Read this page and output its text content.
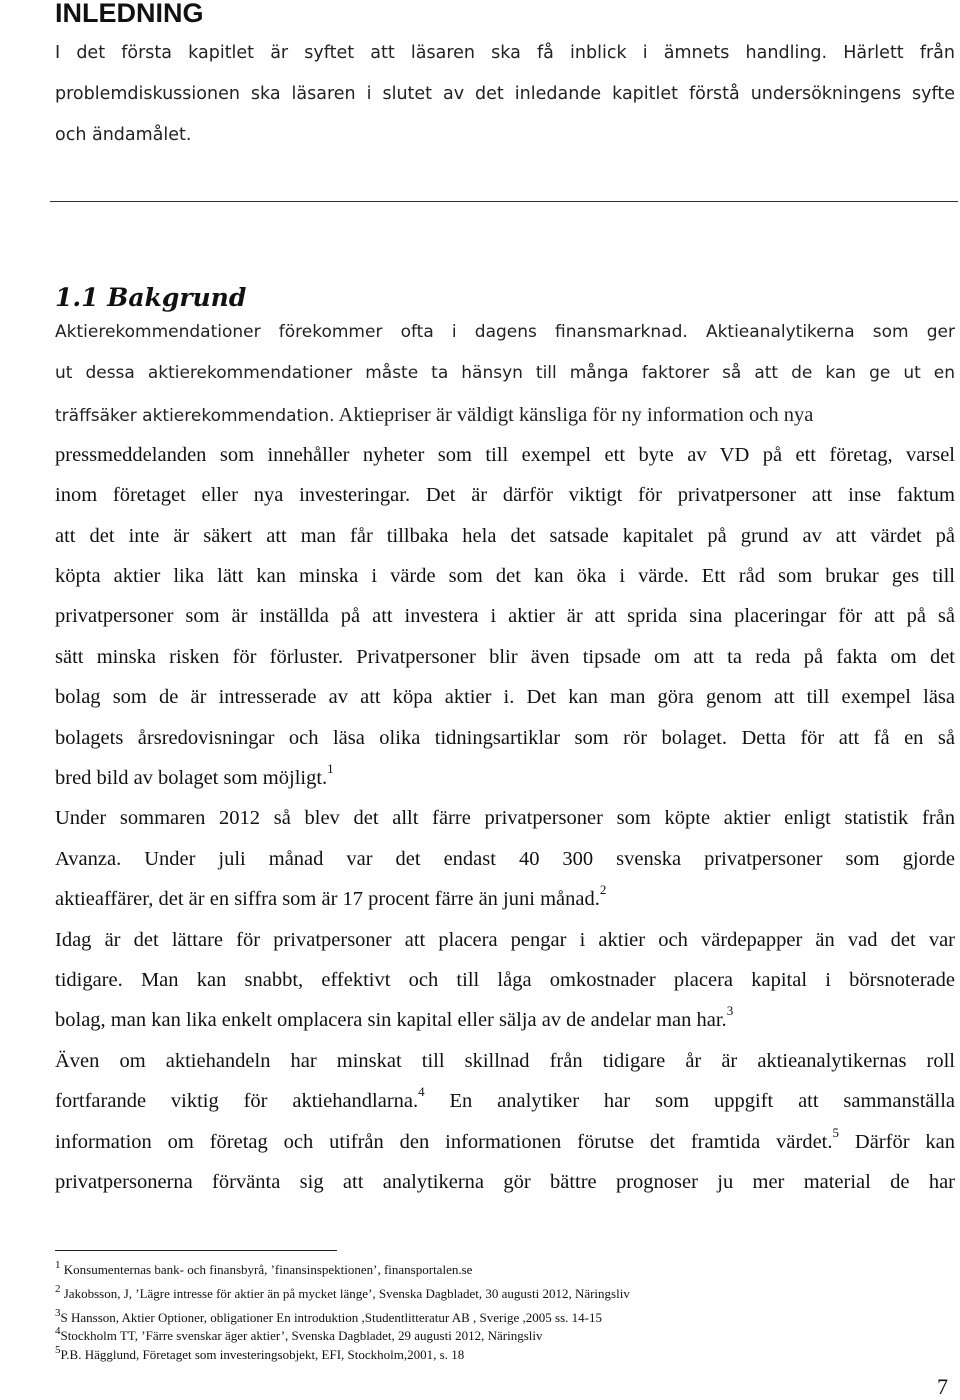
INLEDNING
I det första kapitlet är syftet att läsaren ska få inblick i ämnets handling. Härlett från
problemdiskussionen ska läsaren i slutet av det inledande kapitlet förstå undersökningens syfte
och ändamålet.
1.1 Bakgrund
Aktierekommendationer förekommer ofta i dagens finansmarknad. Aktieanalytikerna som ger
ut dessa aktierekommendationer måste ta hänsyn till många faktorer så att de kan ge ut en
träffsäker aktierekommendation. Aktiepriser är väldigt känsliga för ny information och nya
pressmeddelanden som innehåller nyheter som till exempel ett byte av VD på ett företag, varsel
inom företaget eller nya investeringar. Det är därför viktigt för privatpersoner att inse faktum
att det inte är säkert att man får tillbaka hela det satsade kapitalet på grund av att värdet på
köpta aktier lika lätt kan minska i värde som det kan öka i värde. Ett råd som brukar ges till
privatpersoner som är inställda på att investera i aktier är att sprida sina placeringar för att på så
sätt minska risken för förluster. Privatpersoner blir även tipsade om att ta reda på fakta om det
bolag som de är intresserade av att köpa aktier i. Det kan man göra genom att till exempel läsa
bolagets årsredovisningar och läsa olika tidningsartiklar som rör bolaget. Detta för att få en så
bred bild av bolaget som möjligt.$^1$
Under sommaren 2012 så blev det allt färre privatpersoner som köpte aktier enligt statistik från
Avanza. Under juli månad var det endast 40 300 svenska privatpersoner som gjorde
aktieaffärer, det är en siffra som är 17 procent färre än juni månad.$^2$
Idag är det lättare för privatpersoner att placera pengar i aktier och värdepapper än vad det var
tidigare. Man kan snabbt, effektivt och till låga omkostnader placera kapital i börsnoterade
bolag, man kan lika enkelt omplacera sin kapital eller sälja av de andelar man har.$^3$
Även om aktiehandeln har minskat till skillnad från tidigare år är aktieanalytikernas roll
fortfarande viktig för aktiehandlarna.$^4$ En analytiker har som uppgift att sammanställa
information om företag och utifrån den informationen förutse det framtida värdet.$^5$ Därför kan
privatpersonerna förvänta sig att analytikerna gör bättre prognoser ju mer material de har
$^1$ Konsumenternas bank- och finansbyrå, ’finansinspektionen’, finansportalen.se
$^2$ Jakobsson, J, ’Lägre intresse för aktier än på mycket länge’, Svenska Dagbladet, 30 augusti 2012, Näringsliv
$^3$S Hansson, Aktier Optioner, obligationer En introduktion ,Studentlitteratur AB , Sverige ,2005 ss. 14-15
$^4$Stockholm TT, ’Färre svenskar äger aktier’, Svenska Dagbladet, 29 augusti 2012, Näringsliv
$^5$P.B. Hägglund, Företaget som investeringsobjekt, EFI, Stockholm,2001, s. 18
7
